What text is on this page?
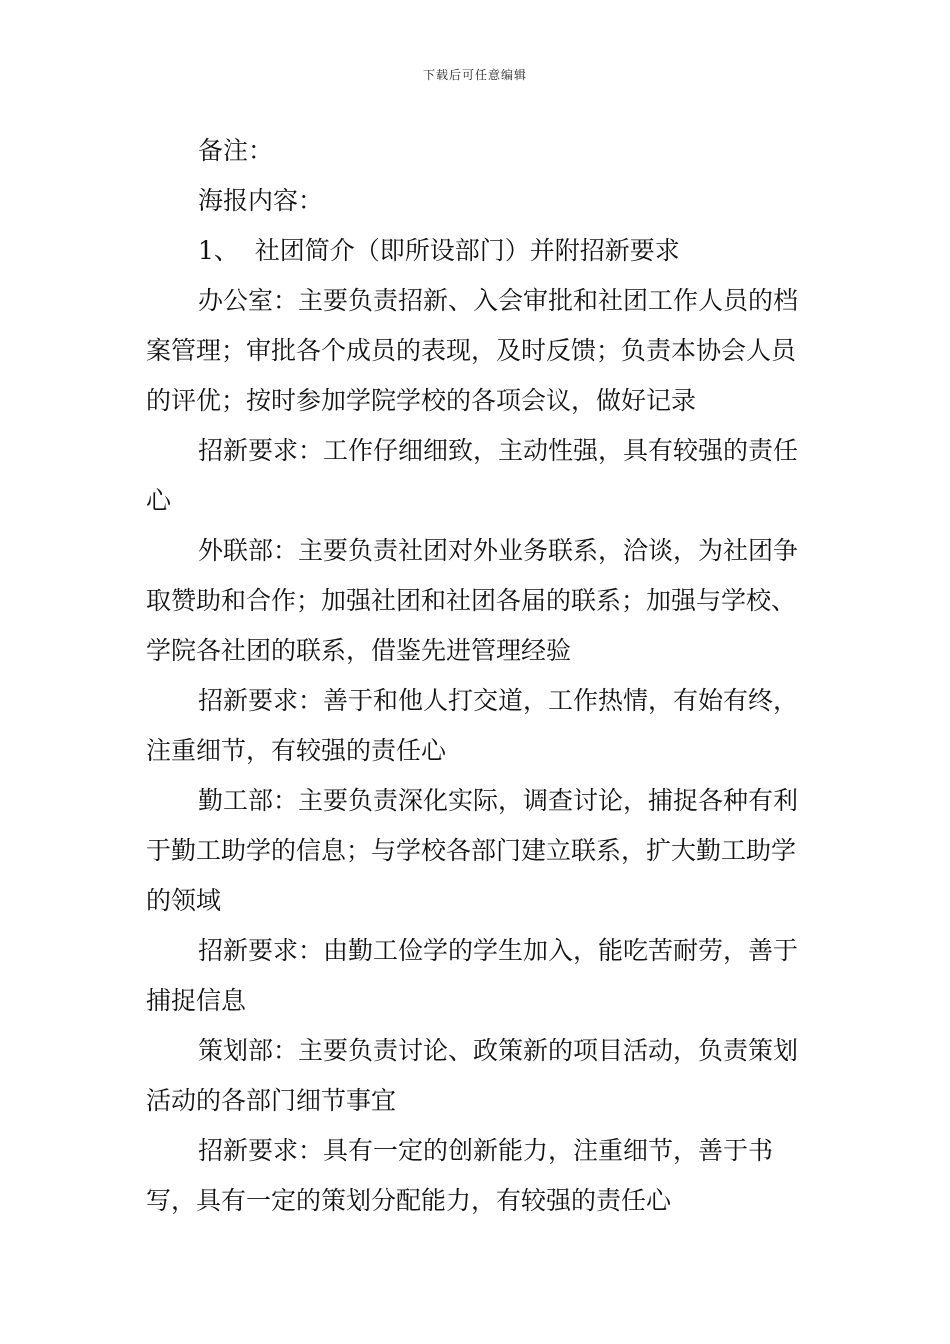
下载后可任意编辑

备注：

海报内容：

1、  社团简介（即所设部门）并附招新要求

办公室：主要负责招新、入会审批和社团工作人员的档案管理；审批各个成员的表现，及时反馈；负责本协会人员的评优；按时参加学院学校的各项会议，做好记录

招新要求：工作仔细细致，主动性强，具有较强的责任心

外联部：主要负责社团对外业务联系，洽谈，为社团争取赞助和合作；加强社团和社团各届的联系；加强与学校、学院各社团的联系，借鉴先进管理经验

招新要求：善于和他人打交道，工作热情，有始有终，注重细节，有较强的责任心

勤工部：主要负责深化实际，调查讨论，捕捉各种有利于勤工助学的信息；与学校各部门建立联系，扩大勤工助学的领域

招新要求：由勤工俭学的学生加入，能吃苦耐劳，善于捕捉信息

策划部：主要负责讨论、政策新的项目活动，负责策划活动的各部门细节事宜

招新要求：具有一定的创新能力，注重细节，善于书写，具有一定的策划分配能力，有较强的责任心
